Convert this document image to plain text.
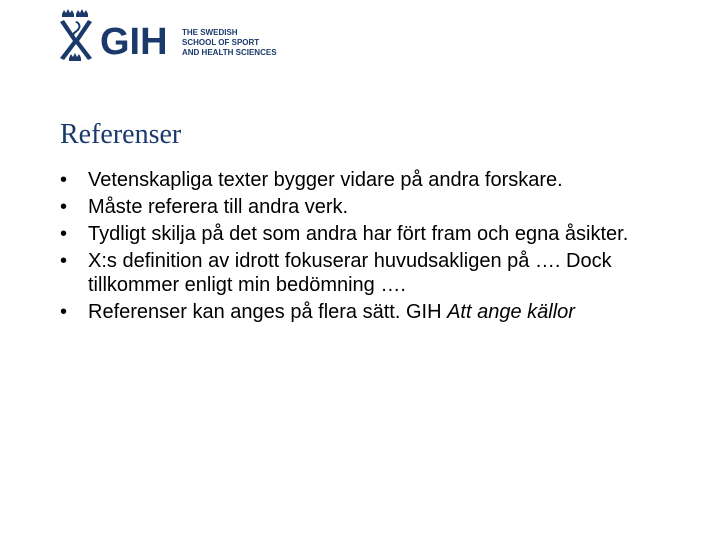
GIH THE SWEDISH
SCHOOL OF SPORT
AND HEALTH SCIENCES
Referenser
• Vetenskapliga texter bygger vidare på andra forskare.
• Måste referera till andra verk.
• Tydligt skilja på det som andra har fört fram och egna åsikter.
• X:s definition av idrott fokuserar huvudsakligen på …. Dock tillkommer enligt min bedömning ….
• Referenser kan anges på flera sätt. GIH Att ange källor
